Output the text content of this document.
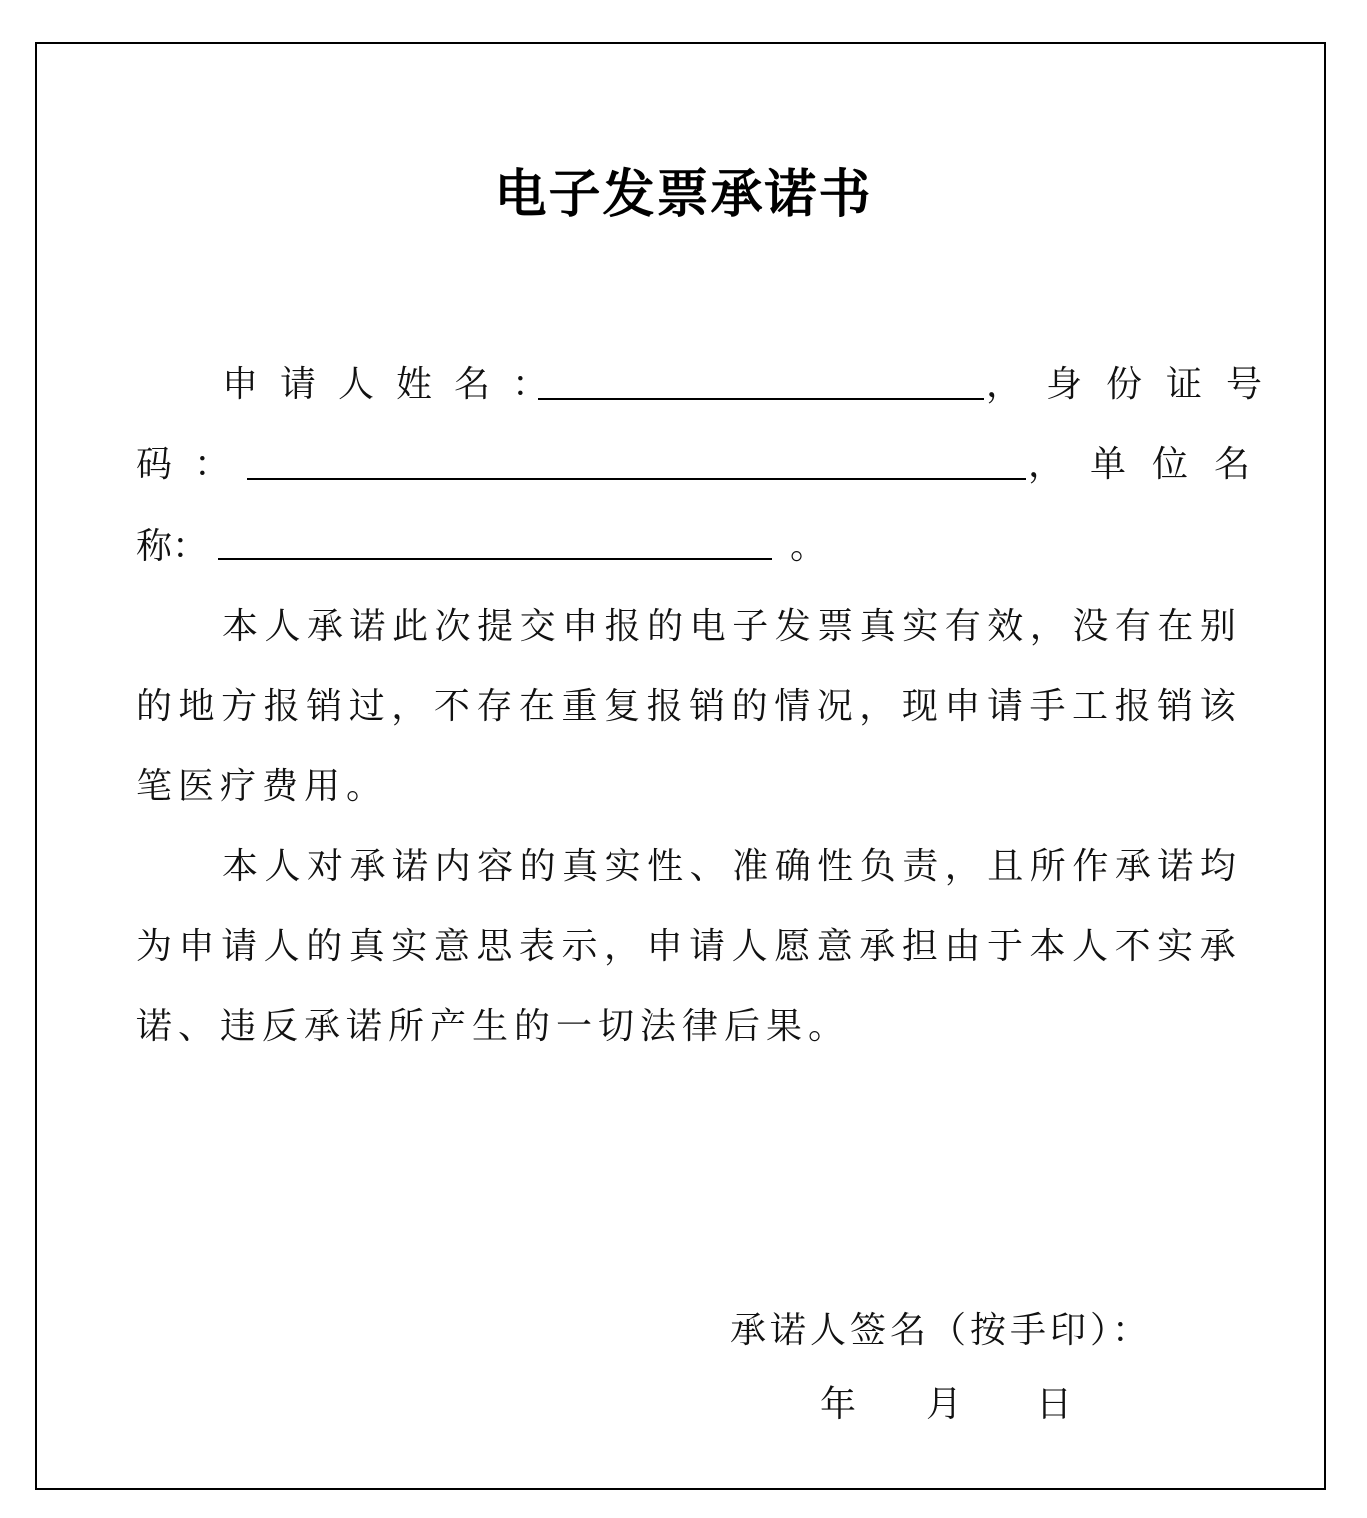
电子发票承诺书
申请人姓名：	，身份证号
码：	，单位名
称：	。
本 人 承 诺 此 次 提 交 申 报 的 电 子 发 票 真 实 有 效 ， 没 有 在 别
的 地 方 报 销 过 ， 不 存 在 重 复 报 销 的 情 况 ， 现 申 请 手 工 报 销 该
笔医疗费用。
本 人 对 承 诺 内 容 的 真 实 性 、 准 确 性 负 责 ， 且 所 作 承 诺 均
为 申 请 人 的 真 实 意 思 表 示 ， 申 请 人 愿 意 承 担 由 于 本 人 不 实 承
诺、违反承诺所产生的一切法律后果。
承诺人签名（按手印）：
年 月 日
